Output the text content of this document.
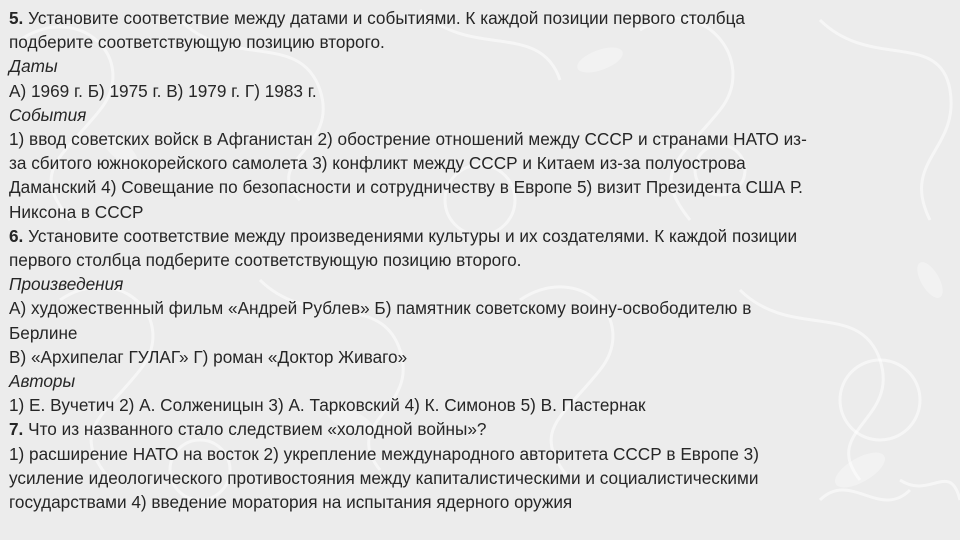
5. Установите соответствие между датами и событиями. К каждой позиции первого столбца
подберите соответствующую позицию второго.
Даты
А) 1969 г. Б) 1975 г. В) 1979 г. Г) 1983 г.
События
1) ввод советских войск в Афганистан 2) обострение отношений между СССР и странами НАТО из-
за сбитого южнокорейского самолета 3) конфликт между СССР и Китаем из-за полуострова
Даманский 4) Совещание по безопасности и сотрудничеству в Европе 5) визит Президента США Р.
Никсона в СССР
6. Установите соответствие между произведениями культуры и их создателями. К каждой позиции
первого столбца подберите соответствующую позицию второго.
Произведения
А) художественный фильм «Андрей Рублев» Б) памятник советскому воину-освободителю в
Берлине
В) «Архипелаг ГУЛАГ» Г) роман «Доктор Живаго»
Авторы
1) Е. Вучетич 2) А. Солженицын 3) А. Тарковский 4) К. Симонов 5) В. Пастернак
7. Что из названного стало следствием «холодной войны»?
1) расширение НАТО на восток 2) укрепление международного авторитета СССР в Европе 3)
усиление идеологического противостояния между капиталистическими и социалистическими
государствами 4) введение моратория на испытания ядерного оружия
